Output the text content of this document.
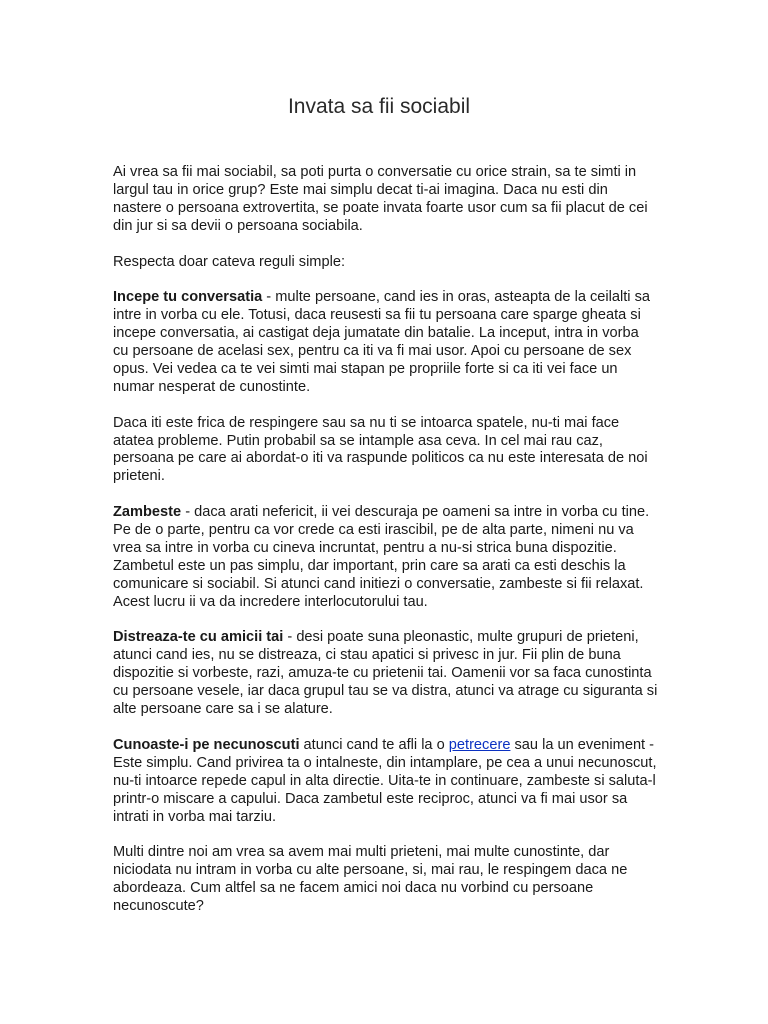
Invata sa fii sociabil

Ai vrea sa fii mai sociabil, sa poti purta o conversatie cu orice strain, sa te simti in largul tau in orice grup? Este mai simplu decat ti-ai imagina. Daca nu esti din nastere o persoana extrovertita, se poate invata foarte usor cum sa fii placut de cei din jur si sa devii o persoana sociabila.

Respecta doar cateva reguli simple:

Incepe tu conversatia - multe persoane, cand ies in oras, asteapta de la ceilalti sa intre in vorba cu ele. Totusi, daca reusesti sa fii tu persoana care sparge gheata si incepe conversatia, ai castigat deja jumatate din batalie. La inceput, intra in vorba cu persoane de acelasi sex, pentru ca iti va fi mai usor. Apoi cu persoane de sex opus. Vei vedea ca te vei simti mai stapan pe propriile forte si ca iti vei face un numar nesperat de cunostinte.

Daca iti este frica de respingere sau sa nu ti se intoarca spatele, nu-ti mai face atatea probleme. Putin probabil sa se intample asa ceva. In cel mai rau caz, persoana pe care ai abordat-o iti va raspunde politicos ca nu este interesata de noi prieteni.

Zambeste - daca arati nefericit, ii vei descuraja pe oameni sa intre in vorba cu tine. Pe de o parte, pentru ca vor crede ca esti irascibil, pe de alta parte, nimeni nu va vrea sa intre in vorba cu cineva incruntat, pentru a nu-si strica buna dispozitie. Zambetul este un pas simplu, dar important, prin care sa arati ca esti deschis la comunicare si sociabil. Si atunci cand initiezi o conversatie, zambeste si fii relaxat. Acest lucru ii va da incredere interlocutorului tau.

Distreaza-te cu amicii tai - desi poate suna pleonastic, multe grupuri de prieteni, atunci cand ies, nu se distreaza, ci stau apatici si privesc in jur. Fii plin de buna dispozitie si vorbeste, razi, amuza-te cu prietenii tai. Oamenii vor sa faca cunostinta cu persoane vesele, iar daca grupul tau se va distra, atunci va atrage cu siguranta si alte persoane care sa i se alature.

Cunoaste-i pe necunoscuti atunci cand te afli la o petrecere sau la un eveniment - Este simplu. Cand privirea ta o intalneste, din intamplare, pe cea a unui necunoscut, nu-ti intoarce repede capul in alta directie. Uita-te in continuare, zambeste si saluta-l printr-o miscare a capului. Daca zambetul este reciproc, atunci va fi mai usor sa intrati in vorba mai tarziu.

Multi dintre noi am vrea sa avem mai multi prieteni, mai multe cunostinte, dar niciodata nu intram in vorba cu alte persoane, si, mai rau, le respingem daca ne abordeaza. Cum altfel sa ne facem amici noi daca nu vorbind cu persoane necunoscute?
